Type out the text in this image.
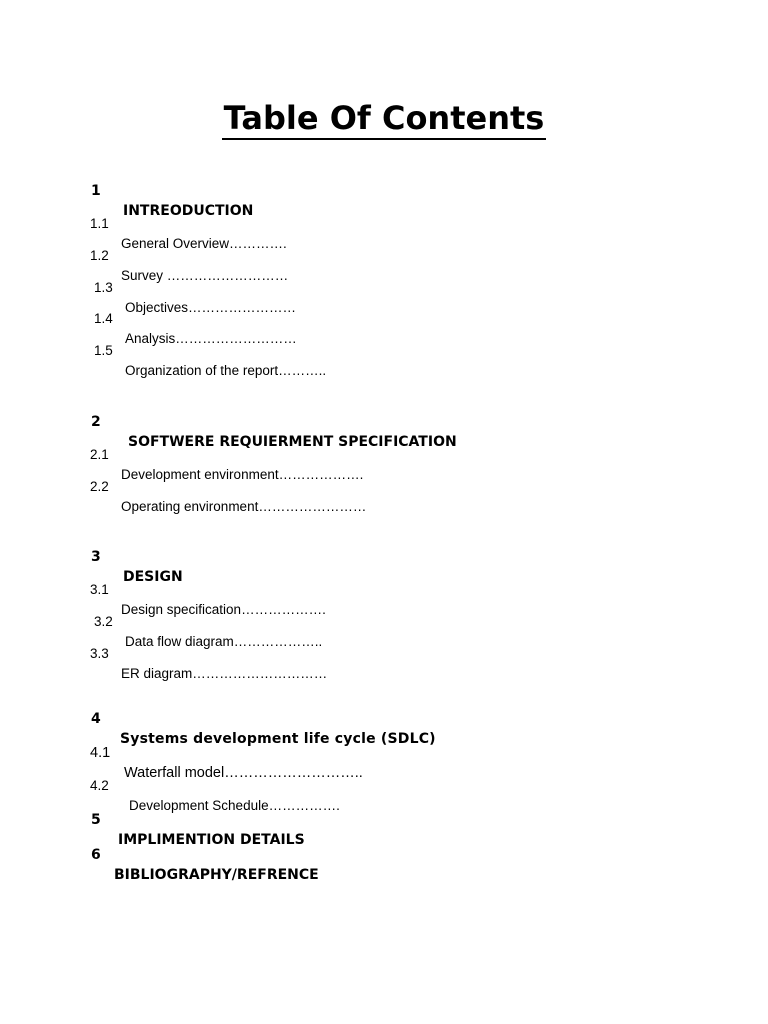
Table Of Contents

1

INTREODUCTION

1.1

General Overview………….

1.2

Survey ………………………

1.3

Objectives……………………

1.4

Analysis………………………

1.5

Organization of the report………..

2

SOFTWERE REQUIERMENT SPECIFICATION

2.1

Development environment……………….

2.2

Operating environment……………………

3

DESIGN

3.1

Design specification……………….

3.2

Data flow diagram………………..

3.3

ER diagram…………………………

4

Systems development life cycle (SDLC)

4.1

Waterfall model………………………..

4.2

Development Schedule…………….

5

IMPLIMENTION DETAILS

6

BIBLIOGRAPHY/REFRENCE
